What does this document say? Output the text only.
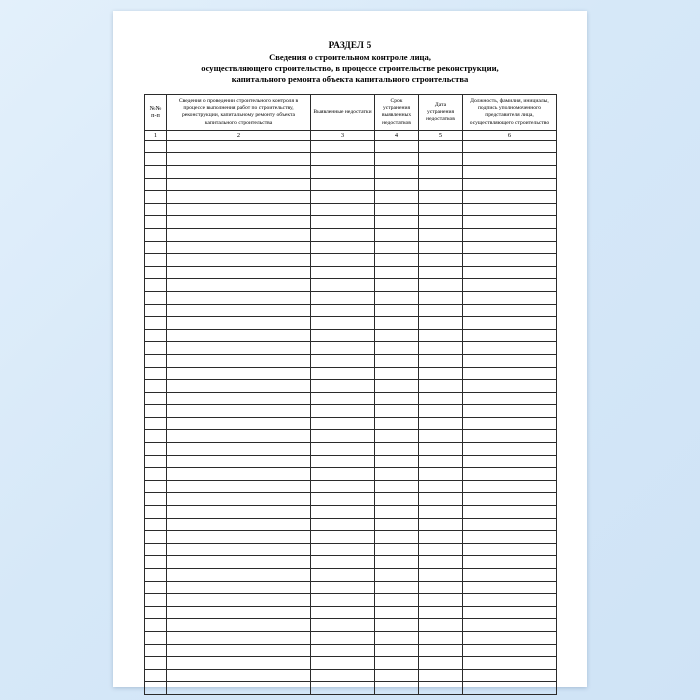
РАЗДЕЛ 5
Сведения о строительном контроле лица,
осуществляющего строительство, в процессе строительстве реконструкции,
капитального ремонта объекта капитального строительства
№№
п-п	Сведения о проведении строительного контроля в процессе выполнения работ по строительству, реконструкции, капитальному ремонту объекта капитального строительства	Выявленные недостатки	Срок устранения выявленных недостатков	Дата устранения недостатков	Должность, фамилия, инициалы, подпись уполномоченного представителя лица, осуществляющего строительство
1	2	3	4	5	6
